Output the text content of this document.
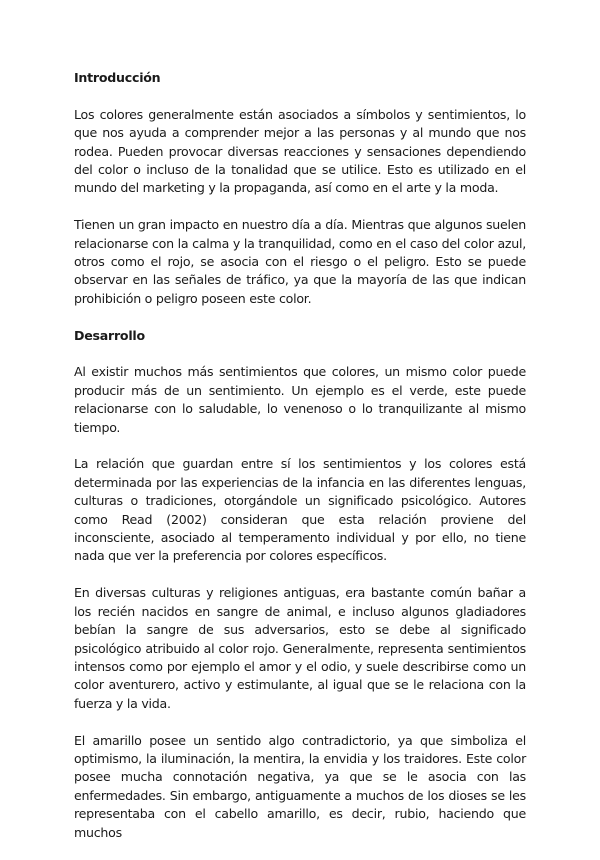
Introducción

Los colores generalmente están asociados a símbolos y sentimientos, lo que nos ayuda a comprender mejor a las personas y al mundo que nos rodea. Pueden provocar diversas reacciones y sensaciones dependiendo del color o incluso de la tonalidad que se utilice. Esto es utilizado en el mundo del marketing y la propaganda, así como en el arte y la moda.

Tienen un gran impacto en nuestro día a día. Mientras que algunos suelen relacionarse con la calma y la tranquilidad, como en el caso del color azul, otros como el rojo, se asocia con el riesgo o el peligro. Esto se puede observar en las señales de tráfico, ya que la mayoría de las que indican prohibición o peligro poseen este color.

Desarrollo

Al existir muchos más sentimientos que colores, un mismo color puede producir más de un sentimiento. Un ejemplo es el verde, este puede relacionarse con lo saludable, lo venenoso o lo tranquilizante al mismo tiempo.

La relación que guardan entre sí los sentimientos y los colores está determinada por las experiencias de la infancia en las diferentes lenguas, culturas o tradiciones, otorgándole un significado psicológico. Autores como Read (2002) consideran que esta relación proviene del inconsciente, asociado al temperamento individual y por ello, no tiene nada que ver la preferencia por colores específicos.

En diversas culturas y religiones antiguas, era bastante común bañar a los recién nacidos en sangre de animal, e incluso algunos gladiadores bebían la sangre de sus adversarios, esto se debe al significado psicológico atribuido al color rojo. Generalmente, representa sentimientos intensos como por ejemplo el amor y el odio, y suele describirse como un color aventurero, activo y estimulante, al igual que se le relaciona con la fuerza y la vida.

El amarillo posee un sentido algo contradictorio, ya que simboliza el optimismo, la iluminación, la mentira, la envidia y los traidores. Este color posee mucha connotación negativa, ya que se le asocia con las enfermedades. Sin embargo, antiguamente a muchos de los dioses se les representaba con el cabello amarillo, es decir, rubio, haciendo que muchos
